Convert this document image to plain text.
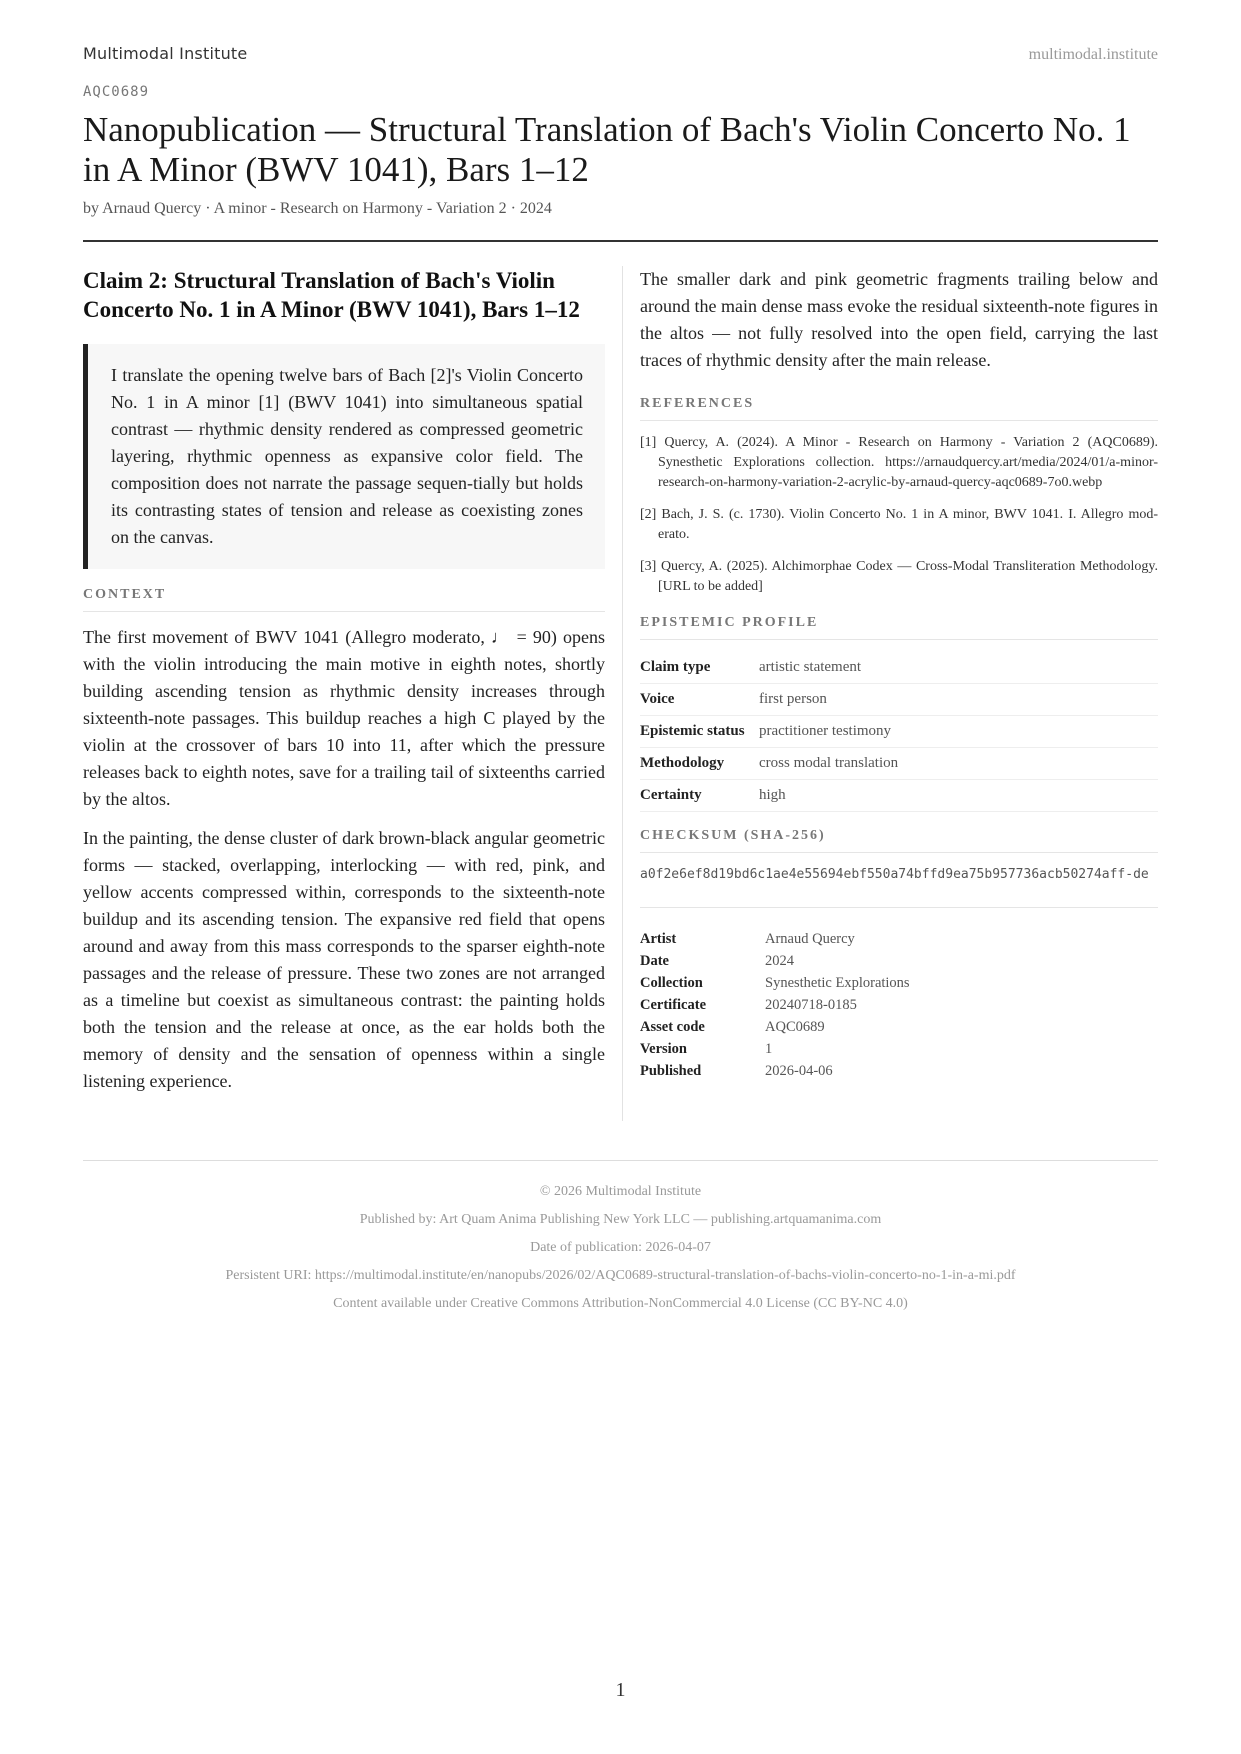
Multimodal Institute	multimodal.institute
AQC0689
Nanopublication — Structural Translation of Bach's Violin Concerto No. 1 in A Minor (BWV 1041), Bars 1–12
by Arnaud Quercy · A minor - Research on Harmony - Variation 2 · 2024
Claim 2: Structural Translation of Bach's Violin Concerto No. 1 in A Minor (BWV 1041), Bars 1–12

I translate the opening twelve bars of Bach [2]'s Violin Concerto No. 1 in A minor [1] (BWV 1041) into simultaneous spatial contrast — rhythmic density rendered as compressed geometric layering, rhythmic openness as expansive color field. The composition does not narrate the passage sequen-tially but holds its contrasting states of tension and release as coexisting zones on the canvas.

CONTEXT

The first movement of BWV 1041 (Allegro moderato, ♩ = 90) opens with the violin introducing the main motive in eighth notes, shortly building ascending tension as rhythmic density increases through sixteenth-note passages. This buildup reaches a high C played by the violin at the crossover of bars 10 into 11, after which the pressure releases back to eighth notes, save for a trailing tail of sixteenths carried by the altos.

In the painting, the dense cluster of dark brown-black angular geometric forms — stacked, overlapping, interlocking — with red, pink, and yellow accents compressed within, corresponds to the sixteenth-note buildup and its ascending tension. The expansive red field that opens around and away from this mass corresponds to the sparser eighth-note passages and the release of pressure. These two zones are not arranged as a timeline but coexist as simultaneous contrast: the painting holds both the tension and the release at once, as the ear holds both the memory of density and the sensation of openness within a single listening experience.

The smaller dark and pink geometric fragments trailing below and around the main dense mass evoke the residual sixteenth-note figures in the altos — not fully resolved into the open field, carrying the last traces of rhythmic density after the main release.

REFERENCES
[1] Quercy, A. (2024). A Minor - Research on Harmony - Variation 2 (AQC0689). Synesthetic Explorations collection. https://arnaudquercy.art/media/2024/01/a-minor-research-on-harmony-variation-2-acrylic-by-arnaud-quercy-aqc0689-7o0.webp
[2] Bach, J. S. (c. 1730). Violin Concerto No. 1 in A minor, BWV 1041. I. Allegro mod-erato.
[3] Quercy, A. (2025). Alchimorphae Codex — Cross-Modal Transliteration Methodology. [URL to be added]
EPISTEMIC PROFILE
Claim type	artistic statement
Voice	first person
Epistemic status	practitioner testimony
Methodology	cross modal translation
Certainty	high
CHECKSUM (SHA-256)
a0f2e6ef8d19bd6c1ae4e55694ebf550a74bffd9ea75b957736acb50274aff-de
Artist	Arnaud Quercy
Date	2024
Collection	Synesthetic Explorations
Certificate	20240718-0185
Asset code	AQC0689
Version	1
Published	2026-04-06
© 2026 Multimodal Institute
Published by: Art Quam Anima Publishing New York LLC — publishing.artquamanima.com
Date of publication: 2026-04-07
Persistent URI: https://multimodal.institute/en/nanopubs/2026/02/AQC0689-structural-translation-of-bachs-violin-concerto-no-1-in-a-mi.pdf
Content available under Creative Commons Attribution-NonCommercial 4.0 License (CC BY-NC 4.0)
1
